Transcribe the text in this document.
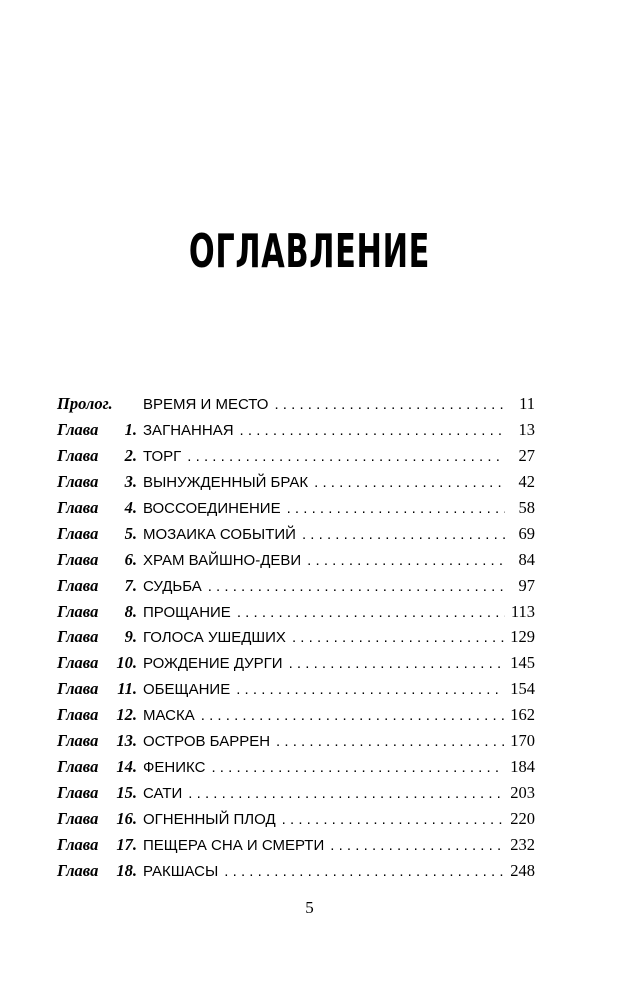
ОГЛАВЛЕНИЕ
Пролог. ВРЕМЯ И МЕСТО . . .	11
Глава 1. ЗАГНАННАЯ . . .	13
Глава 2. ТОРГ . . .	27
Глава 3. ВЫНУЖДЕННЫЙ БРАК . . .	42
Глава 4. ВОССОЕДИНЕНИЕ . . .	58
Глава 5. МОЗАИКА СОБЫТИЙ . . .	69
Глава 6. ХРАМ ВАЙШНО-ДЕВИ . . .	84
Глава 7. СУДЬБА . . .	97
Глава 8. ПРОЩАНИЕ . . .	113
Глава 9. ГОЛОСА УШЕДШИХ . . .	129
Глава 10. РОЖДЕНИЕ ДУРГИ . . .	145
Глава 11. ОБЕЩАНИЕ . . .	154
Глава 12. МАСКА . . .	162
Глава 13. ОСТРОВ БАРРЕН . . .	170
Глава 14. ФЕНИКС . . .	184
Глава 15. САТИ . . .	203
Глава 16. ОГНЕННЫЙ ПЛОД . . .	220
Глава 17. ПЕЩЕРА СНА И СМЕРТИ . . .	232
Глава 18. РАКШАСЫ . . .	248
5
